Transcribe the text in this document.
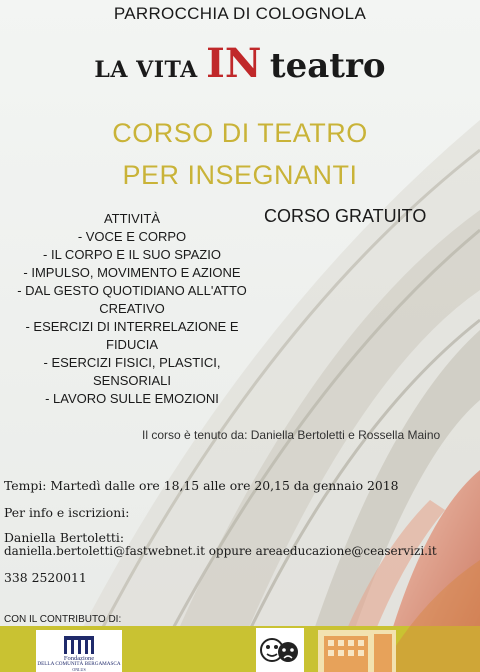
PARROCCHIA DI COLOGNOLA
LA VITA IN teatro
CORSO DI TEATRO
PER INSEGNANTI
CORSO GRATUITO
ATTIVITÀ
- VOCE E CORPO
- IL CORPO E IL SUO SPAZIO
- IMPULSO, MOVIMENTO E AZIONE
- DAL GESTO QUOTIDIANO ALL'ATTO
CREATIVO
- ESERCIZI DI INTERRELAZIONE E
FIDUCIA
- ESERCIZI FISICI, PLASTICI,
SENSORIALI
- LAVORO SULLE EMOZIONI
Il corso è tenuto da: Daniella Bertoletti e Rossella Maino
Tempi: Martedì dalle ore 18,15 alle ore 20,15 da gennaio 2018
Per info e iscrizioni:
Daniella Bertoletti:
daniella.bertoletti@fastwebnet.it oppure areaeducazione@ceaservizi.it
338 2520011
CON IL CONTRIBUTO DI:
Fondazione
DELLA COMUNITÀ BERGAMASCA
ONLUS
